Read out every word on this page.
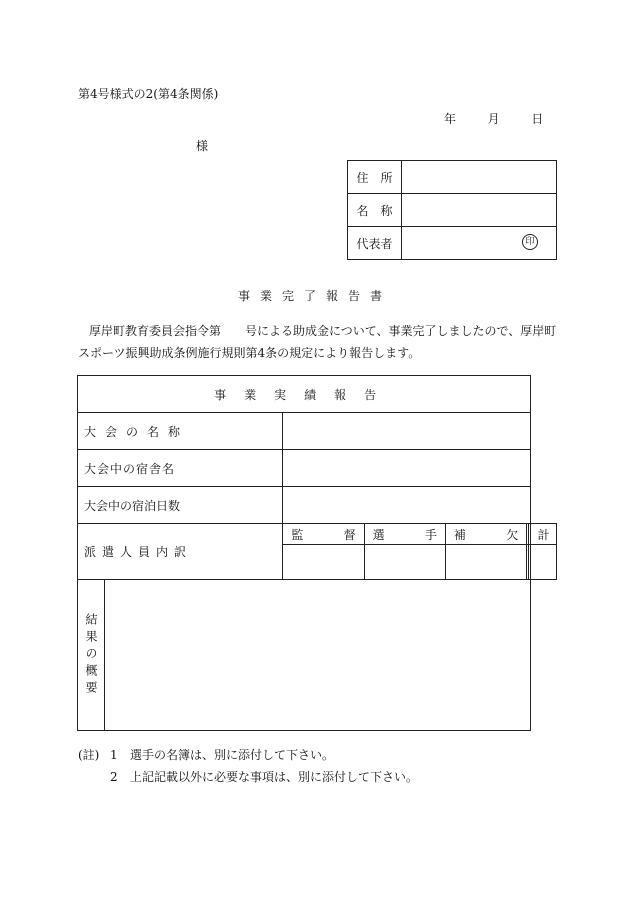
第4号様式の2(第4条関係)
年	月	日
様
住　所	
名　称	
代表者	印
事業完了報告書

厚岸町教育委員会指令第　　号による助成金について、事業完了しましたので、厚岸町

スポーツ振興助成条例施行規則第4条の規定により報告します。

事業実績報告							
大会の名称							
大会中の宿舎名							
大会中の宿泊日数							
派遣人員内訳		監 督	選 手	補 欠			計

結果の概要							

(註) 1	選手の名簿は、別に添付して下さい。
2	上記記載以外に必要な事項は、別に添付して下さい。
